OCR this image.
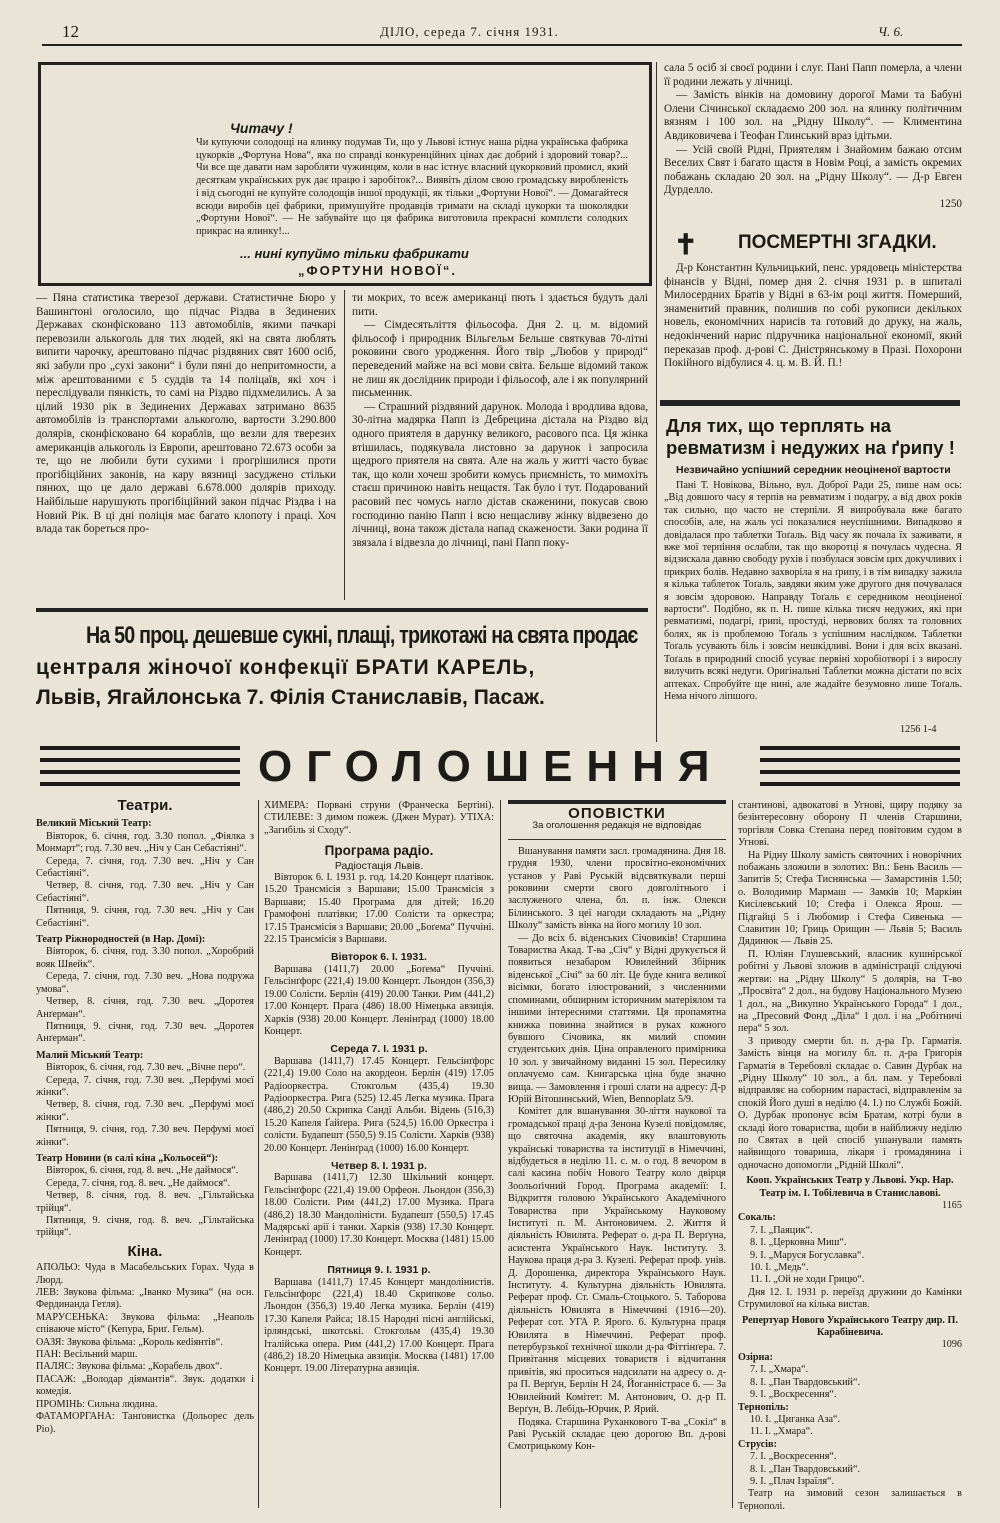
12	ДІЛО, середа 7. січня 1931.	Ч. 6.
Читачу !
Чи купуючи солодощі на ялинку подумав Ти, що у Львові істнує наша рідна українська фабрика цукорків „Фортуна Нова“, яка по справді конкуренційних цінах дає добрий і здоровий товар?... Чи все ще давати нам заробляти чужинцям, коли в нас істнує власний цукорковий промисл, який десяткам українських рук дає працю і заробіток?... Виявіть ділом свою громадську виробленість і від сьогодні не купуйте солодощів іншої продукції, як тільки „Фортуни Нової“. — Домагайтеся всюди виробів цеї фабрики, примушуйте продавців тримати на складі цукорки та шоколядки „Фортуни Нової“. — Не забувайте що ця фабрика виготовила прекрасні комплєти солодких прикрас на ялинку!...
... нині купуймо тільки фабрикати
„ФОРТУНИ НОВОЇ“.
— Пяна статистика тверезої держави. Статистичне Бюро у Вашинґтоні оголосило, що підчас Різдва в Зединених Державах сконфісковано 113 автомобілів, якими пачкарі перевозили алькоголь для тих людей, які на свята люблять випити чарочку, арештовано підчас різдвяних свят 1600 осіб, які забули про „сухі закони“ і були пяні до непритомности, а між арештованими є 5 суддів та 14 поліцаїв, які хоч і переслідували пянкість, то самі на Різдво підхмелились. А за цілий 1930 рік в Зединених Державах затримано 8635 автомобілів із транспортами алькоголю, вартости 3.290.800 долярів, сконфісковано 64 кораблів, що везли для тверезих американців алькоголь із Европи, арештовано 72.673 особи за те, що не любили бути сухими і прогрішилися проти прогібіційних законів, на кару вязниці засуджено стільки пянюх, що це дало державі 6.678.000 долярів приходу. Найбільше нарушують прогібіційний закон підчас Різдва і на Новий Рік. В ці дні поліція має багато клопоту і праці. Хоч влада так бореться про-

ти мокрих, то всеж американці пють і здається будуть далі пити.

— Сімдесятьліття фільософа. Дня 2. ц. м. відомий фільософ і природник Вільгельм Бельше святкував 70-літні роковини свого уродження. Його твір „Любов у природі“ переведений майже на всі мови світа. Бельше відомий також не лиш як дослідник природи і фільософ, але і як популярний письменник.

— Страшний різдвяний дарунок. Молода і вродлива вдова, 30-літна мадярка Папп із Дебрецина дістала на Різдво від одного приятеля в дарунку великого, расового пса. Ця жінка втішилась, подякувала листовно за дарунок і запросила щедрого приятеля на свята. Але на жаль у житті часто буває так, що коли хочеш зробити комусь приємність, то мимохіть стаєш причиною навіть нещастя. Так було і тут. Подарований расовий пес чомусь нагло дістав скаженини, покусав свою господиню панію Папп і всю нещасливу жінку відвезено до лічниці, вона також дістала напад скажености. Заки родина її звязала і відвезла до лічниці, пані Папп поку-

сала 5 осіб зі своєї родини і слуг. Пані Папп померла, а члени її родини лежать у лічниці.

— Замість вінків на домовину дорогої Мами та Бабуні Олени Січинської складаємо 200 зол. на ялинку політичним вязням і 100 зол. на „Рідну Школу“. — Климентина Авдиковичева і Теофан Глинський враз ідітьми.

— Усій своїй Рідні, Приятелям і Знайомим бажаю отсим Веселих Свят і багато щастя в Новім Році, а замість окремих побажань складаю 20 зол. на „Рідну Школу“. — Д-р Евген Дурделло.

1250

✝ ПОСМЕРТНІ ЗГАДКИ.
Д-р Константин Кульчицький, пенс. урядовець міністерства фінансів у Відні, помер дня 2. січня 1931 р. в шпиталі Милосердних Братів у Відні в 63-ім році життя. Померший, знаменитий правник, полишив по собі рукописи декількох новель, економічних нарисів та готовий до друку, на жаль, недокінчений нарис підручника національної економії, який переказав проф. д-рові С. Дністрянському в Празі. Похорони Покійного відбулися 4. ц. м. В. Й. П.!
Для тих, що терплять на ревматизм і недужих на ґрипу !
Незвичайно успішний середник неоціненої вартости
Пані Т. Новікова, Вільно, вул. Доброї Ради 25, пише нам ось: „Від довшого часу я терпів на ревматизм і подагру, а від двох років так сильно, що часто не стерпіли. Я випробувала вже багато способів, але, на жаль усі показалися неуспішними. Випадково я довідалася про таблетки Тоґаль. Від часу як почала їх заживати, я вже мої терпіння ослабли, так що вкоротці я почулась чудесна. Я відзискала давню свободу рухів і позбулася зовсім цих докучливих і прикрих болів. Недавно захворіла я на ґрипу, і в тім випадку зажила я кілька таблеток Тоґаль, завдяки яким уже другого дня почувалася я зовсім здоровою. Направду Тоґаль є середником неоціненої вартости“. Подібно, як п. Н. пише кілька тисяч недужих, які при ревматизмі, подагрі, ґрипі, простуді, нервових болях та головних болях, як із проблемою Тоґаль з успішним наслідком. Таблетки Тоґаль усувають біль і зовсім нешкідливі. Вони і для всіх вказані. Тоґаль в природний спосіб усуває первіні хоробіотворі і з вирослу вилучить всякі недуги. Оригінальні Таблетки можна дістати по всіх аптеках. Спробуйте ще нині, але жадайте безумовно лише Тоґаль. Нема нічого ліпшого.
1256 1-4
На 50 проц. дешевше сукні, плащі, трикотажі на свята продає
централя жіночої конфекції БРАТИ КАРЕЛЬ,
Львів, Ягайлонська 7. Філія Станиславів, Пасаж.
ОГОЛОШЕННЯ
Театри.

Великий Міський Театр:

Вівторок, 6. січня, год. 3.30 попол. „Фіялка з Монмарт“; год. 7.30 веч. „Ніч у Сан Себастіяні“.

Середа, 7. січня, год. 7.30 веч. „Ніч у Сан Себастіяні“.

Четвер, 8. січня, год. 7.30 веч. „Ніч у Сан Себастіяні“.

Пятниця, 9. січня, год. 7.30 веч. „Ніч у Сан Себастіяні“.

Театр Ріжнородностей (в Нар. Домі):

Вівторок, 6. січня, год. 3.30 попол. „Хоробрий вояк Швейк“.

Середа, 7. січня, год. 7.30 веч. „Нова подружа умова“.

Четвер, 8. січня, год. 7.30 веч. „Доротея Анґерман“.

Пятниця, 9. січня, год. 7.30 веч. „Доротея Анґерман“.

Малий Міський Театр:

Вівторок, 6. січня, год. 7.30 веч. „Вічне перо“.

Середа, 7. січня, год. 7.30 веч. „Перфумі моєї жінки“.

Четвер, 8. січня, год. 7.30 веч. „Перфумі моєї жінки“.

Пятниця, 9. січня, год. 7.30 веч. Перфумі моєї жінки“.

Театр Новини (в салі кіна „Кольосей“):

Вівторок, 6. січня, год. 8. веч. „Не даймося“.

Середа, 7. січня, год. 8. веч. „Не даймося“.

Четвер, 8. січня, год. 8. веч. „Гільтайська трійця“.

Пятниця, 9. січня, год. 8. веч. „Гільтайська трійця“.

Кіна.

АПОЛЬО: Чуда в Масабельських Горах. Чуда в Люрд.

ЛЕВ: Звукова фільма: „Іванко Музика“ (на осн. Фердинанда Гетля).

МАРУСЕНЬКА: Звукова фільма: „Неаполь співаюче місто“ (Кепура, Бриґ. Гельм).

ОАЗЯ: Звукова фільма: „Король кеdіянтів“.

ПАН: Весільний марш.

ПАЛЯС: Звукова фільма: „Корабель двох“.

ПАСАЖ: „Володар діямантів“. Звук. додатки і комедія.

ПРОМІНЬ: Сильна людина.

ФАТАМОРГАНА: Танґовистка (Дольорес дель Ріо).

ХИМЕРА: Порвані струни (Франческа Бертіні). СТИЛЕВЕ: З димом пожеж. (Джен Мурат). УТІХА: „Загибіль зі Сходу“.

Програма радіо.
Радіостація Львів.

Вівторок 6. І. 1931 р. год. 14.20 Концерт платівок. 15.20 Трансмісія з Варшави; 15.00 Трансмісія з Варшави; 15.40 Програма для дітей; 16.20 Грамофоні платівки; 17.00 Солісти та оркестра; 17.15 Трансмісія з Варшави; 20.00 „Боґема“ Пуччіні. 22.15 Трансмісія з Варшави.

Вівторок 6. І. 1931.

Варшава (1411,7) 20.00 „Боґема“ Пуччіні. Гельсінґфорс (221,4) 19.00 Концерт. Льондон (356,3) 19.00 Солісти. Берлін (419) 20.00 Танки. Рим (441,2) 17.00 Концерт. Прага (486) 18.00 Німецька авзиція. Харків (938) 20.00 Концерт. Ленінґрад (1000) 18.00 Концерт.

Середа 7. І. 1931 р.

Варшава (1411,7) 17.45 Концерт. Гельсінґфорс (221,4) 19.00 Соло на акордеон. Берлін (419) 17.05 Радіооркестра. Стокгольм (435,4) 19.30 Радіооркестра. Рига (525) 12.45 Легка музика. Прага (486,2) 20.50 Скрипка Сандї Альби. Відень (516,3) 15.20 Капеля Ґайґера. Рига (524,5) 16.00 Оркестра і солісти. Будапешт (550,5) 9.15 Солісти. Харків (938) 20.00 Концерт. Ленінґрад (1000) 16.00 Концерт.

Четвер 8. І. 1931 р.

Варшава (1411,7) 12.30 Шкільний концерт. Гельсінґфорс (221,4) 19.00 Орфеон. Льондон (356,3) 18.00 Солісти. Рим (441,2) 17.00 Музика. Прага (486,2) 18.30 Мандоліністи. Будапешт (550,5) 17.45 Мадярські арії і танки. Харків (938) 17.30 Концерт. Ленінґрад (1000) 17.30 Концерт. Москва (1481) 15.00 Концерт.

Пятниця 9. І. 1931 р.

Варшава (1411,7) 17.45 Концерт мандолінистів. Гельсінґфорс (221,4) 18.40 Скрипкове сольо. Льондон (356,3) 19.40 Легка музика. Берлін (419) 17.30 Капеля Райса; 18.15 Народні пісні англійські, ірляндські, шкотські. Стокгольм (435,4) 19.30 Італійська опера. Рим (441,2) 17.00 Концерт. Прага (486,2) 18.20 Німецька авзиція. Москва (1481) 17.00 Концерт. 19.00 Літературна авзиція.

ОПОВІСТКИ
За оголошення редакція не відповідає

Вшанування памяти засл. громадянина. Дня 18. грудня 1930, члени просвітно-економічних установ у Раві Руській відсвяткували перші роковини смерти свого довголітнього і заслуженого члена, бл. п. інж. Олекси Білинського. З цеї нагоди складають на „Рідну Школу“ замість вінка на його могилу 10 зол.

— До всіх б. віденських Січовиків! Старшина Товариства Акад. Т-ва „Січ“ у Відні друкується й появиться незабаром Ювилейний Збірник віденської „Січі“ за 60 літ. Це буде книга великої вісімки, богато ілюстрований, з численними споминами, обширним історичним матеріялом та іншими інтересними статтями. Ця пропамятна книжка повинна знайтися в руках кожного бувшого Січовика, як милий спомин студентських днів. Ціна оправленого примірника 10 зол. у звичайному виданні 15 зол. Пересилку оплачуємо сам. Книгарська ціна буде значно вища. — Замовлення і гроші слати на адресу: Д-р Юрій Вітошинський, Wien, Bennoplatz 5/9.

Комітет для вшанування 30-ліття наукової та громадської праці д-ра Зенона Кузелі повідомляє, що святочна академія, яку влаштовують українські товариства та інституції в Німеччині, відбудеться в неділю 11. с. м. о год. 8 вечором в салі касина побіч Нового Театру коло двірця Зоольоґічний Город. Програма академії: І. Відкриття головою Українського Академічного Товариства при Українському Науковому Інституті п. М. Антоновичем. 2. Життя й діяльність Ювилята. Реферат о. д-ра П. Верґуна, асистента Українського Наук. Інституту. 3. Наукова праця д-ра З. Кузелі. Реферат проф. унів. Д. Дорошенка, директора Українського Наук. Інституту. 4. Культурна діяльність Ювилята. Реферат проф. Ст. Смаль-Стоцького. 5. Таборова діяльність Ювилята в Німеччині (1916—20). Реферат сот. УГА Р. Ярого. 6. Культурна праця Ювилята в Німеччині. Реферат проф. петербурзької технічної школи д-ра Фіттінґера. 7. Привітання місцевих товариств і відчитання привітів, які проситься надсилати на адресу о. д-ра П. Верґун, Берлін Н 24, Йоганністрасе 6. — За Ювилейний Комітет: М. Антонович, О. д-р П. Верґун, В. Лебідь-Юрчик, Р. Ярий.

Подяка. Старшина Руханкового Т-ва „Сокіл“ в Раві Руській складає цею дорогою Вп. д-рові Смотрицькому Кон-

стантинові, адвокатові в Угнові, щиру подяку за безінтересовну оборону П членів Старшини, торгівля Совка Степана перед повітовим судом в Угнові.

На Рідну Школу замість святочних і новорічних побажань зложили в золотих: Вп.: Бень Василь — Запитів 5; Стефа Тиснянська — Замарстинів 1.50; о. Володимир Мармаш — Замків 10; Маркіян Кисілевський 10; Стефа і Олекса Ярош. — Підгайці 5 і Любомир і Стефа Сивенька — Славитин 10; Гриць Орищин — Львів 5; Василь Дядинюк — Львів 25.

П. Юліян Глушевський, власник кушнірської робітні у Львові зложив в адміністрації слідуючі жертви: на „Рідну Школу“ 5 долярів, на Т-во „Просвіта“ 2 дол., на будову Національного Музею 1 дол., на „Викупно Українського Города“ 1 дол., на „Пресовий Фонд „Діла“ 1 дол. і на „Робітничі пера“ 5 зол.

З приводу смерти бл. п. д-ра Гр. Гарматія. Замість вінця на могилу бл. п. д-ра Григорія Гарматія в Теребовлі складає о. Савин Дурбак на „Рідну Школу“ 10 зол., а бл. пам. у Теребовлі відправляє на соборним парастасі, відправленім за спокій Його душі в неділю (4. І.) по Службі Божій. О. Дурбак пропонує всім Братам, котрі були в складі його товариства, щоби в найближчу неділю по Святах в цей спосіб ушанували память найвищого товариша, лікаря і громадянина і одночасно допомогли „Рідній Школі“.

Кооп. Українських Театр у Львові. Укр. Нар. Театр ім. І. Тобілевича в Станиславові.

1165

Сокаль:

7. І. „Паяцик“.

8. І. „Церковна Миш“.

9. І. „Маруся Богуславка“.

10. І. „Медь“.

11. І. „Ой не ходи Грицю“.

Дня 12. І. 1931 р. переїзд дружини до Камінки Струмилової на кілька вистав.

Репертуар Нового Українського Театру дир. П. Карабіневича.

1096

Озірна:

7. І. „Хмара“.

8. І. „Пан Твардовський“.

9. І. „Воскресення“.

Тернопіль:

10. І. „Циганка Аза“.

11. І. „Хмара“.

Струсів:

7. І. „Воскресення“.

8. І. „Пан Твардовський“.

9. І. „Плач Ізраїля“.

Театр на зимовий сезон залишається в Тернополі.
